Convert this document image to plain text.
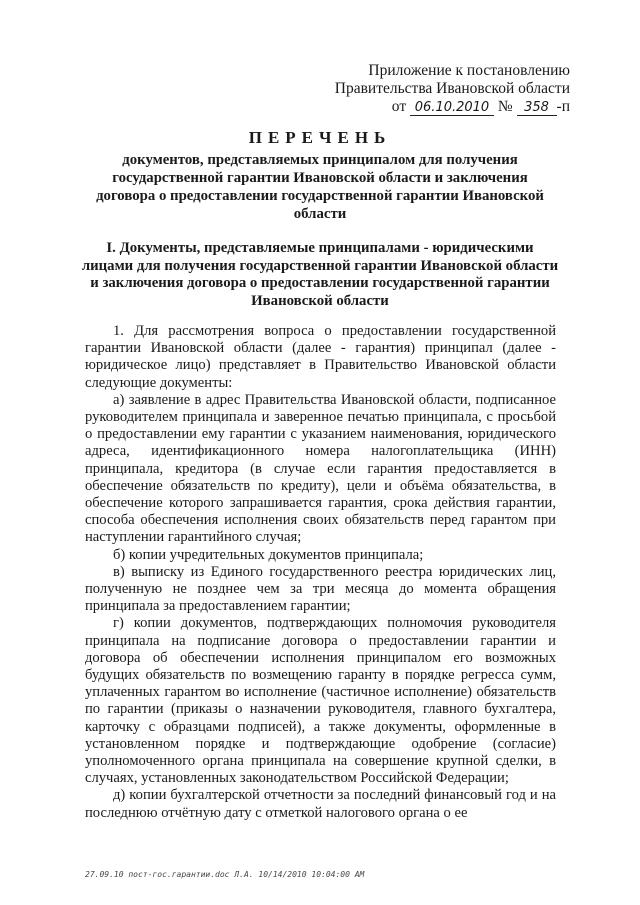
Приложение к постановлению
Правительства Ивановской области
от 06.10.2010 № 358 -п
ПЕРЕЧЕНЬ
документов, представляемых принципалом для получения государственной гарантии Ивановской области и заключения договора о предоставлении государственной гарантии Ивановской области
I. Документы, представляемые принципалами - юридическими лицами для получения государственной гарантии Ивановской области и заключения договора о предоставлении государственной гарантии Ивановской области

1. Для рассмотрения вопроса о предоставлении государственной гарантии Ивановской области (далее - гарантия) принципал (далее - юридическое лицо) представляет в Правительство Ивановской области следующие документы:

а) заявление в адрес Правительства Ивановской области, подписанное руководителем принципала и заверенное печатью принципала, с просьбой о предоставлении ему гарантии с указанием наименования, юридического адреса, идентификационного номера налогоплательщика (ИНН) принципала, кредитора (в случае если гарантия предоставляется в обеспечение обязательств по кредиту), цели и объёма обязательства, в обеспечение которого запрашивается гарантия, срока действия гарантии, способа обеспечения исполнения своих обязательств перед гарантом при наступлении гарантийного случая;

б) копии учредительных документов принципала;

в) выписку из Единого государственного реестра юридических лиц, полученную не позднее чем за три месяца до момента обращения принципала за предоставлением гарантии;

г) копии документов, подтверждающих полномочия руководителя принципала на подписание договора о предоставлении гарантии и договора об обеспечении исполнения принципалом его возможных будущих обязательств по возмещению гаранту в порядке регресса сумм, уплаченных гарантом во исполнение (частичное исполнение) обязательств по гарантии (приказы о назначении руководителя, главного бухгалтера, карточку с образцами подписей), а также документы, оформленные в установленном порядке и подтверждающие одобрение (согласие) уполномоченного органа принципала на совершение крупной сделки, в случаях, установленных законодательством Российской Федерации;

д) копии бухгалтерской отчетности за последний финансовый год и на последнюю отчётную дату с отметкой налогового органа о ее

27.09.10 пост-гос.гарантии.doc Л.А. 10/14/2010 10:04:00 AM
